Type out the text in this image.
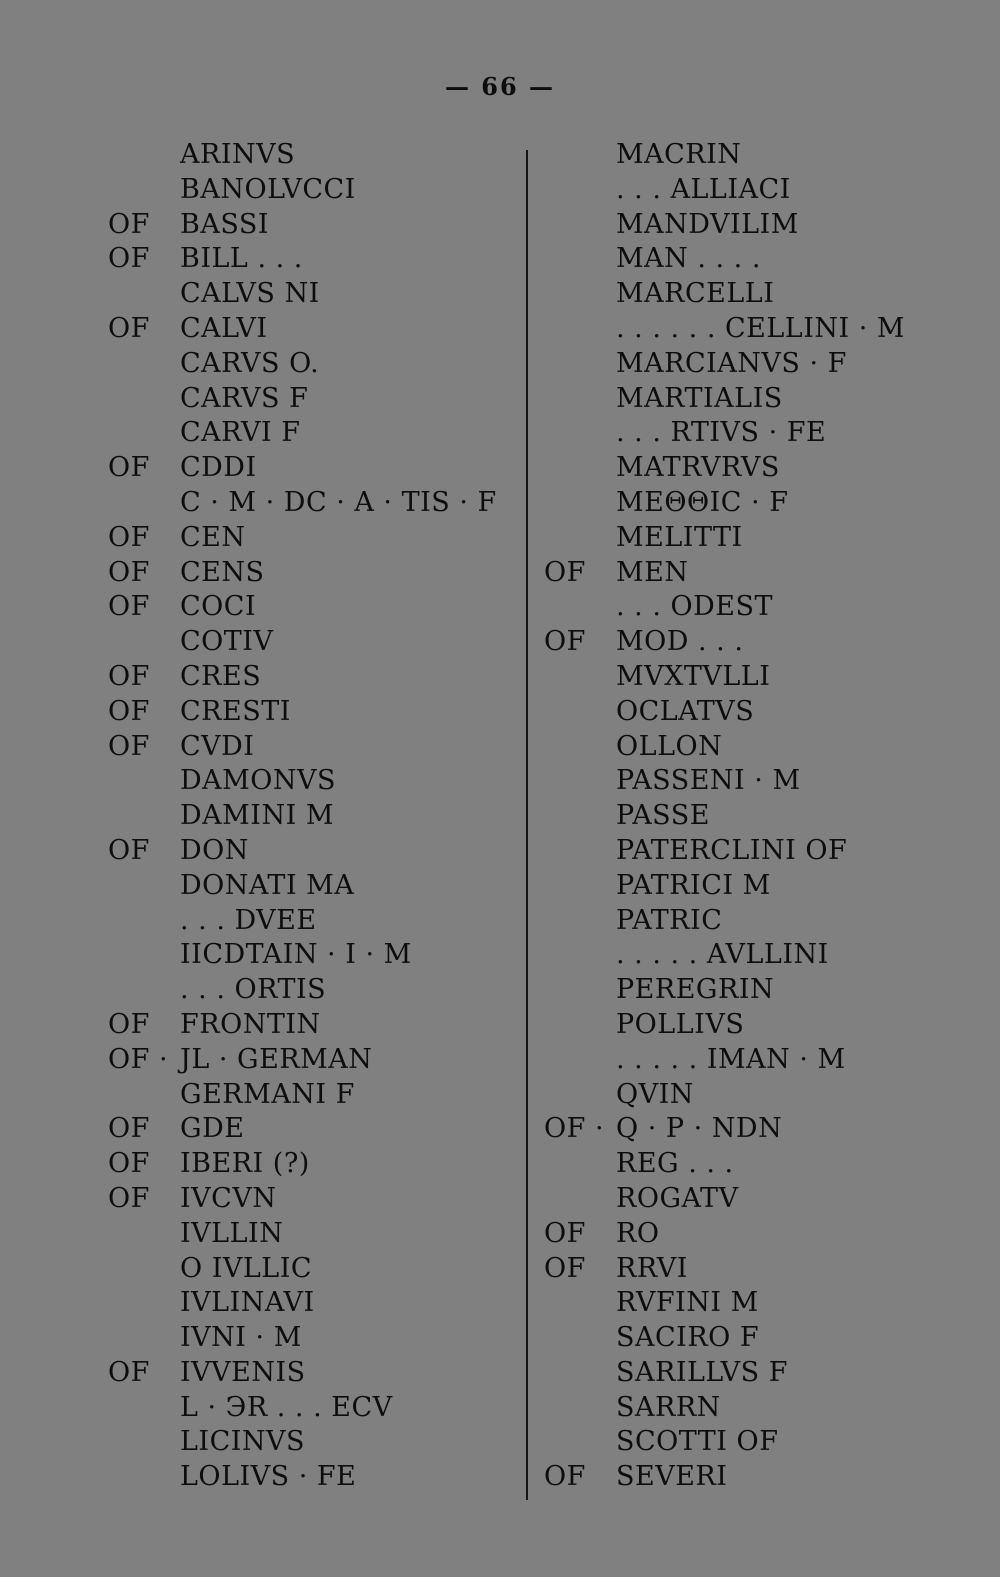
— 66 —
ARINVS
BANOLVCCI
OF	BASSI
OF	BILL . . .
CALVS NI
OF	CALVI
CARVS O.
CARVS F
CARVI F
OF	CDDI
C · M · DC · A · TIS · F
OF	CEN
OF	CENS
OF	COCI
COTIV
OF	CRES
OF	CRESTI
OF	CVDI
DAMONVS
DAMINI M
OF	DON
DONATI MA
. . . DVEE
IICDTAIN · I · M
. . . ORTIS
OF	FRONTIN
OF · JL · GERMAN
GERMANI F
OF	GDE
OF	IBERI (?)
OF	IVCVN
IVLLIN
O IVLLIC
IVLINAVI
IVNI · M
OF	IVVENIS
L · ЭR . . . ECV
LICINVS
LOLIVS · FE
MACRIN
. . . ALLIACI
MANDVILIM
MAN . . . .
MARCELLI
. . . . . . CELLINI · M
MARCIANVS · F
MARTIALIS
. . . RTIVS · FE
MATRVRVS
MEΘΘIC · F
MELITTI
OF	MEN
. . . ODEST
OF	MOD . . .
MVXTVLLI
OCLATVS
OLLON
PASSENI · M
PASSE
PATERCLINI OF
PATRICI M
PATRIC
. . . . . AVLLINI
PEREGRIN
POLLIVS
. . . . . IMAN · M
QVIN
OF · Q · P · NDN
REG . . .
ROGATV
OF	RO
OF	RRVI
RVFINI M
SACIRO F
SARILLVS F
SARRN
SCOTTI OF
OF	SEVERI
